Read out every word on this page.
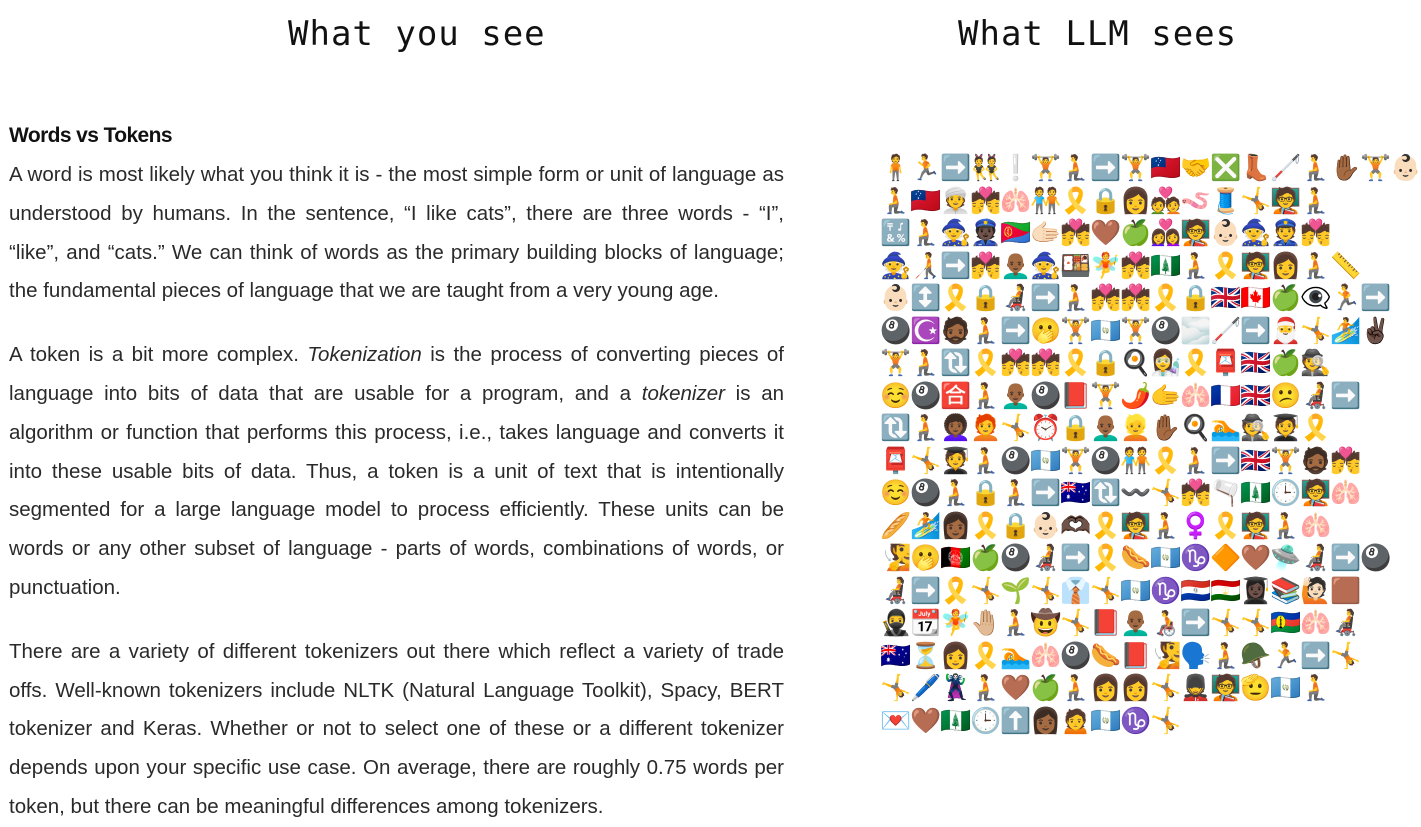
What you see	What LLM sees
Words vs Tokens

A word is most likely what you think it is - the most simple form or unit of language as understood by humans. In the sentence, “I like cats”, there are three words - “I”, “like”, and “cats.” We can think of words as the primary building blocks of language; the fundamental pieces of language that we are taught from a very young age.

A token is a bit more complex. Tokenization is the process of converting pieces of language into bits of data that are usable for a program, and a tokenizer is an algorithm or function that performs this process, i.e., takes language and converts it into these usable bits of data. Thus, a token is a unit of text that is intentionally segmented for a large language model to process efficiently. These units can be words or any other subset of language - parts of words, combinations of words, or punctuation.

There are a variety of different tokenizers out there which reflect a variety of trade offs. Well-known tokenizers include NLTK (Natural Language Toolkit), Spacy, BERT tokenizer and Keras. Whether or not to select one of these or a different tokenizer depends upon your specific use case. On average, there are roughly 0.75 words per token, but there can be meaningful differences among tokenizers.

🧍
🏃
➡️
👯
❕
🏋️
🧎
➡️
🏋️
🇼🇸
🤝
❎
👢
🦯
🧎
✋🏾
🏋️
👶🏻
🧎
🇼🇸
👳
💏
🫁
🧑‍🤝‍🧑
🎗️
🔒
👩
💑
🪱
🧵
🤸
🧑‍🏫
🧎
🔣
🧎
🧙
👮🏿
🇪🇷
🫱🏻
💏
🤎
🍏
👩‍❤️‍👩
🧑‍🏫
👶🏻
🧙
👮
💏
🧙
🧑‍🦯
➡️
💏
👨🏾‍🦲
🧙
🍱
🧚
💏
🇳🇫
🧎
🎗️
🧑‍🏫
👩
🧎
📏
👶🏻
↕️
🎗️
🔒
🧑‍🦼
➡️
🧎
💏
💏
🎗️
🔒
🇬🇧
🇨🇦
🍏
👁️‍🗨️
🏃
➡️
🎱
☪️
🧔🏾
🧎
➡️
🫢
🏋️
🇬🇹
🏋️
🎱
🌫️
🦯
➡️
🎅
🤸
🏄
✌🏿
🏋️
🧎
🔃
🎗️
💏
💏
🎗️
🔒
🍳
👩‍🔬
🎗️
📮
🇬🇧
🍏
🕵️
☺️
🎱
🈴
🧎
👨🏾‍🦲
🎱
📕
🏋️
🌶️
🫱
🫁
🇫🇷
🇬🇧
😕
🧑‍🦼
➡️
🔃
🧎
👩🏾‍🦱
🧑‍🦰
🤸
⏰
🔒
👨🏾‍🦲
👱
✋🏾
🍳
🏊
🕵️
🧑‍🎓
🎗️
📮
🤸
🧑‍🎓
🧎
🎱
🇬🇹
🏋️
🎱
🧑‍🤝‍🧑
🎗️
🧎
➡️
🇬🇧
🏋️
🧔🏾
💏
☺️
🎱
🧎
🔒
🧎
➡️
🇦🇺
🔃
〰️
🤸
💏
🫗
🇳🇫
🕒
🧑‍🏫
🫁
🥖
🏄
👩🏾
🎗️
🔒
👶🏻
🫶🏿
🎗️
🧑‍🏫
🧎
♀️
🎗️
🧑‍🏫
🧎
🫁
🧏
🫢
🇦🇫
🍏
🎱
🧑‍🦼
➡️
🎗️
🌭
🇬🇹
♑
🔶
🤎
🛸
🧑‍🦼
➡️
🎱
🧑‍🦼
➡️
🎗️
🤸
🌱
🤸
👔
🤸
🇬🇹
♑
🇵🇾
🇹🇯
👩🏿‍🎓
📚
🙋🏻
🟫
🥷
📆
🧚
🤚🏼
🧎
🤠
🤸
📕
👨🏾‍🦲
🧑‍🦽
➡️
🤸
🤸
🇳🇨
🫁
🧑‍🦼
🇦🇺
⏳
👩
🎗️
🏊
🫁
🎱
🌭
📕
🧏
🗣️
🧎
🪖
🏃
➡️
🤸
🤸
🖊️
🦹
🧎
🤎
🍏
🧎
👩
👩
🤸
💂
🧑‍🏫
🫡
🇬🇹
🧎
💌
🤎
🇳🇫
🕒
⬆️
👩🏾
🙍
🇬🇹
♑
🤸
